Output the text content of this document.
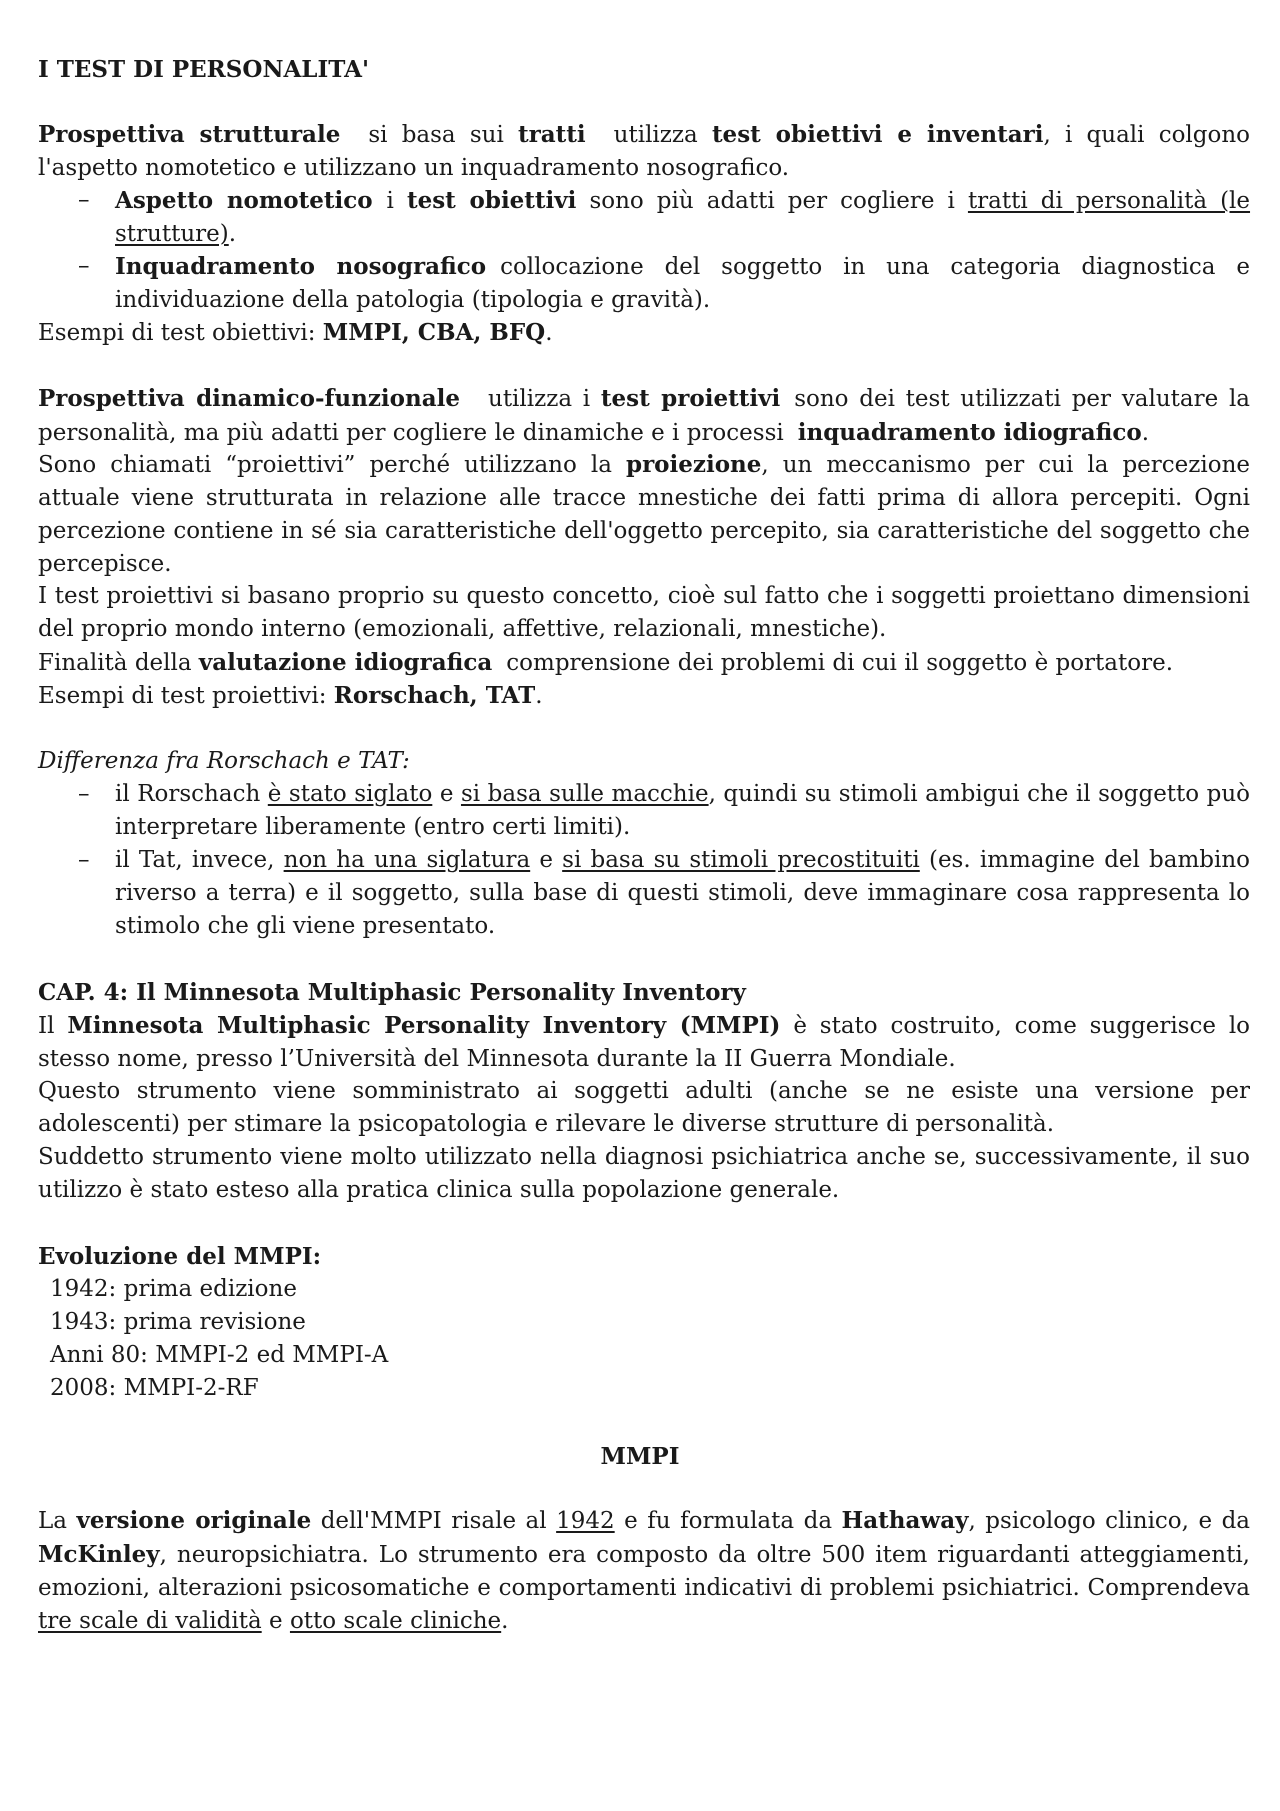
I TEST DI PERSONALITA'

Prospettiva strutturale si basa sui tratti utilizza test obiettivi e inventari, i quali colgono l'aspetto nomotetico e utilizzano un inquadramento nosografico.

–

Aspetto nomotetico i test obiettivi sono più adatti per cogliere i tratti di personalità (le strutture).

–

Inquadramento nosografico collocazione del soggetto in una categoria diagnostica e individuazione della patologia (tipologia e gravità).

Esempi di test obiettivi: MMPI, CBA, BFQ.

Prospettiva dinamico-funzionale utilizza i test proiettivi sono dei test utilizzati per valutare la personalità, ma più adatti per cogliere le dinamiche e i processi inquadramento idiografico.

Sono chiamati “proiettivi” perché utilizzano la proiezione, un meccanismo per cui la percezione attuale viene strutturata in relazione alle tracce mnestiche dei fatti prima di allora percepiti. Ogni percezione contiene in sé sia caratteristiche dell'oggetto percepito, sia caratteristiche del soggetto che percepisce.

I test proiettivi si basano proprio su questo concetto, cioè sul fatto che i soggetti proiettano dimensioni del proprio mondo interno (emozionali, affettive, relazionali, mnestiche).

Finalità della valutazione idiografica comprensione dei problemi di cui il soggetto è portatore.
Esempi di test proiettivi: Rorschach, TAT.
Differenza fra Rorschach e TAT:
–

il Rorschach è stato siglato e si basa sulle macchie, quindi su stimoli ambigui che il soggetto può interpretare liberamente (entro certi limiti).

–

il Tat, invece, non ha una siglatura e si basa su stimoli precostituiti (es. immagine del bambino riverso a terra) e il soggetto, sulla base di questi stimoli, deve immaginare cosa rappresenta lo stimolo che gli viene presentato.

CAP. 4: Il Minnesota Multiphasic Personality Inventory

Il Minnesota Multiphasic Personality Inventory (MMPI) è stato costruito, come suggerisce lo stesso nome, presso l’Università del Minnesota durante la II Guerra Mondiale.

Questo strumento viene somministrato ai soggetti adulti (anche se ne esiste una versione per adolescenti) per stimare la psicopatologia e rilevare le diverse strutture di personalità.

Suddetto strumento viene molto utilizzato nella diagnosi psichiatrica anche se, successivamente, il suo utilizzo è stato esteso alla pratica clinica sulla popolazione generale.

Evoluzione del MMPI:
1942: prima edizione
1943: prima revisione
Anni 80: MMPI-2 ed MMPI-A
2008: MMPI-2-RF
MMPI

La versione originale dell'MMPI risale al 1942 e fu formulata da Hathaway, psicologo clinico, e da McKinley, neuropsichiatra. Lo strumento era composto da oltre 500 item riguardanti atteggiamenti, emozioni, alterazioni psicosomatiche e comportamenti indicativi di problemi psichiatrici. Comprendeva tre scale di validità e otto scale cliniche.
